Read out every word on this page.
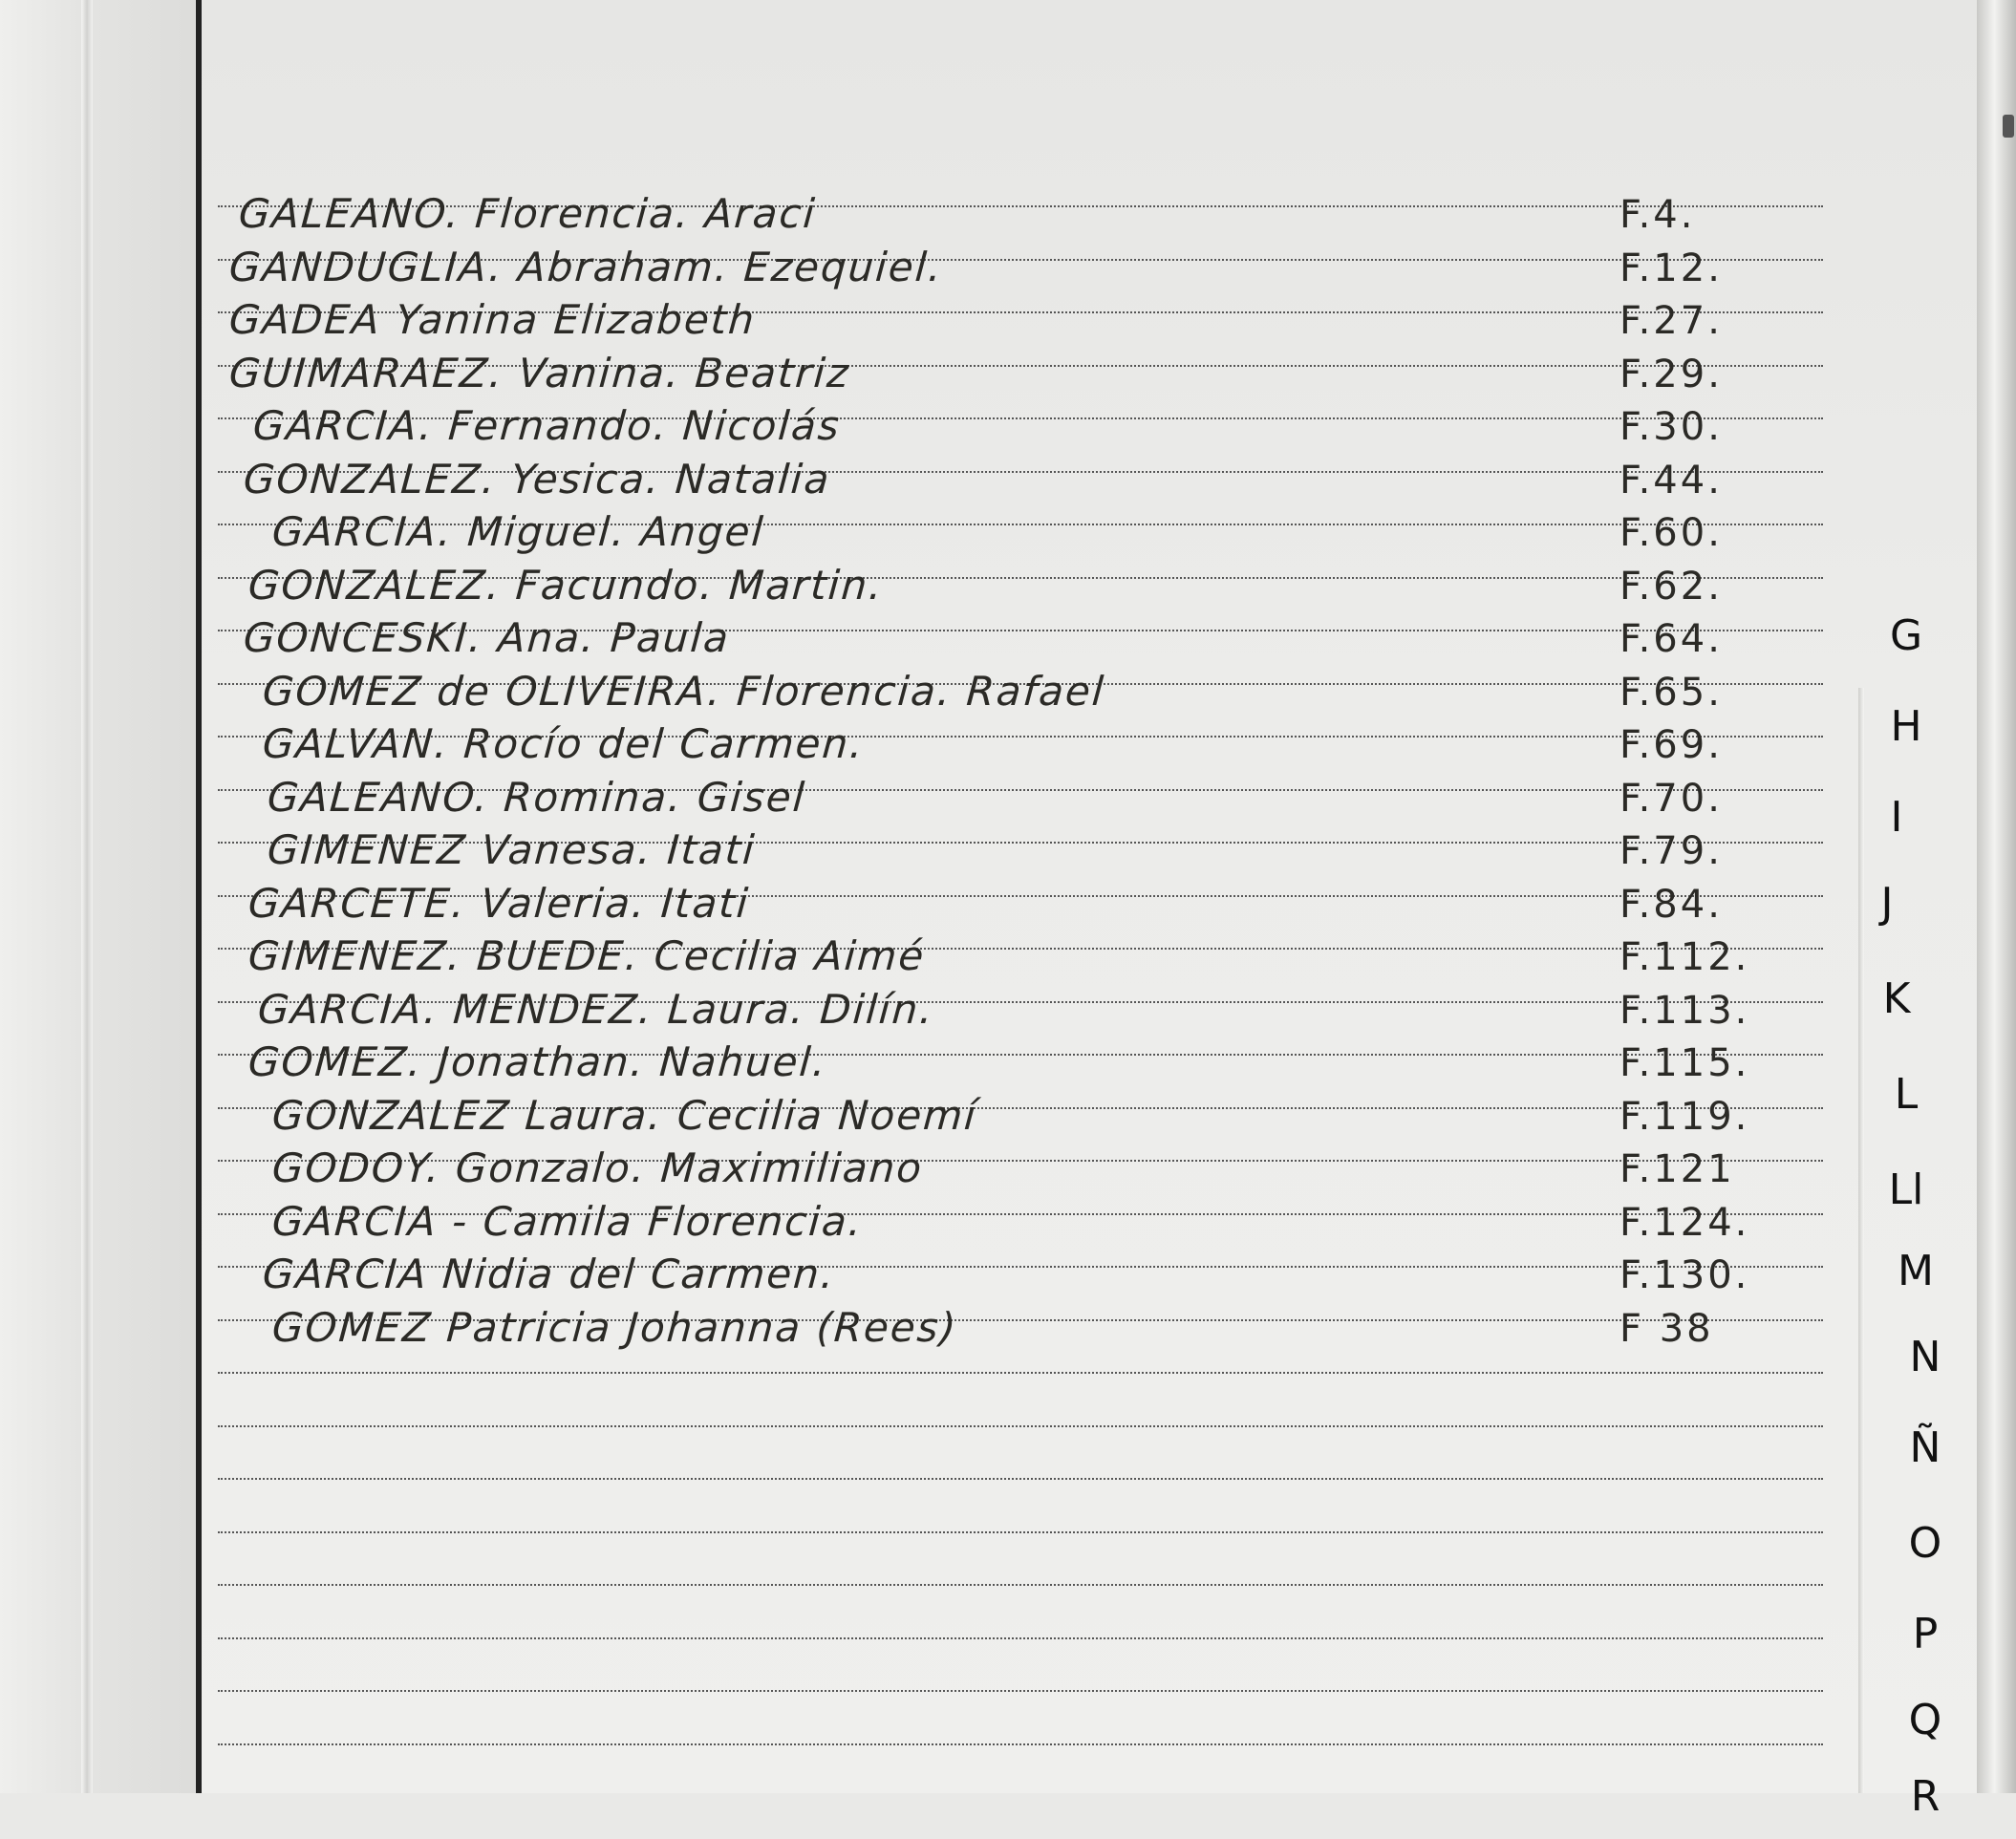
GALEANO. Florencia. Araci	F.4.
GANDUGLIA. Abraham. Ezequiel.	F.12.
GADEA Yanina Elizabeth	F.27.
GUIMARAEZ. Vanina. Beatriz	F.29.
GARCIA. Fernando. Nicolás	F.30.
GONZALEZ. Yesica. Natalia	F.44.
GARCIA. Miguel. Angel	F.60.
GONZALEZ. Facundo. Martin.	F.62.
GONCESKI. Ana. Paula	F.64.
GOMEZ de OLIVEIRA. Florencia. Rafael	F.65.
GALVAN. Rocío del Carmen.	F.69.
GALEANO. Romina. Gisel	F.70.
GIMENEZ Vanesa. Itati	F.79.
GARCETE. Valeria. Itati	F.84.
GIMENEZ. BUEDE. Cecilia Aimé	F.112.
GARCIA. MENDEZ. Laura. Dilín.	F.113.
GOMEZ. Jonathan. Nahuel.	F.115.
GONZALEZ Laura. Cecilia Noemí	F.119.
GODOY. Gonzalo. Maximiliano	F.121
GARCIA - Camila Florencia.	F.124.
GARCIA Nidia del Carmen.	F.130.
GOMEZ Patricia Johanna (Rees)	F 38
G
H
I
J
K
L
Ll
M
N
Ñ
O
P
Q
R
